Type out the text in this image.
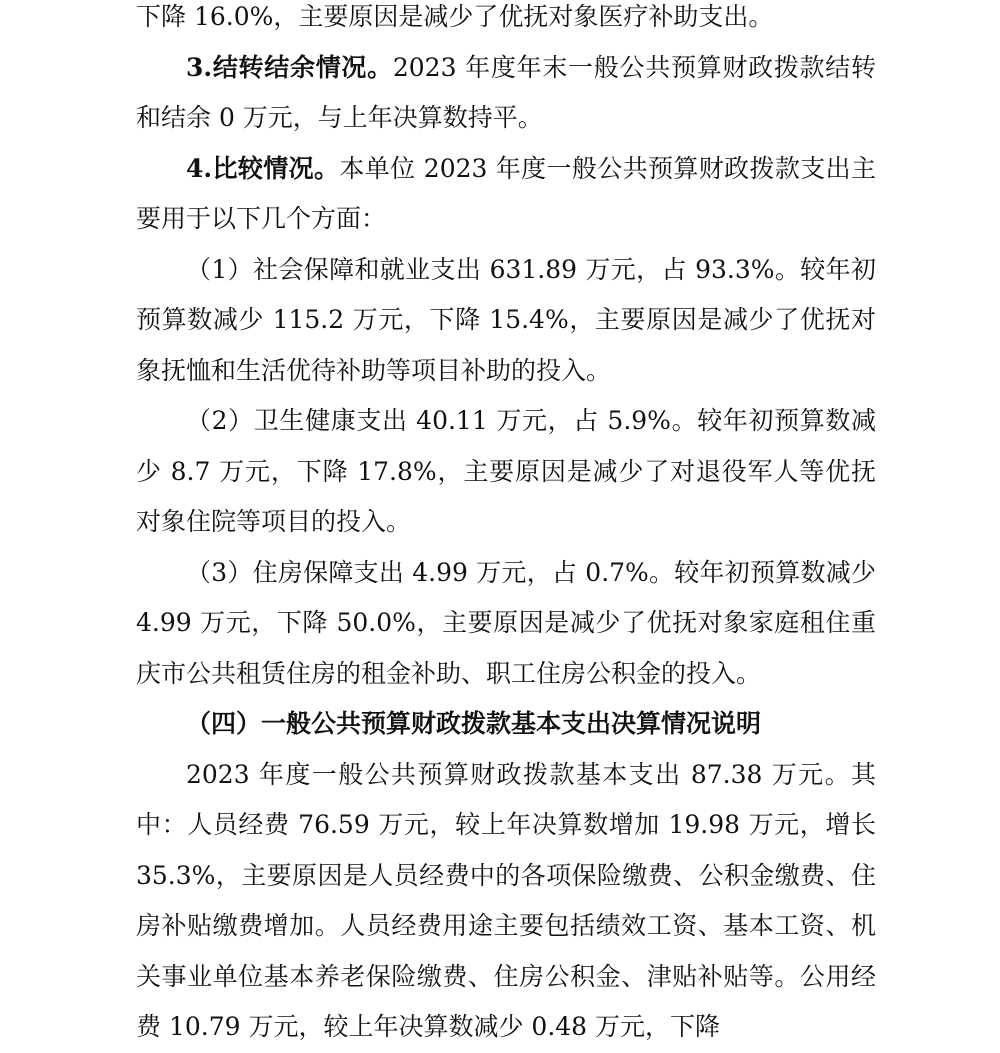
下降 16.0%，主要原因是减少了优抚对象医疗补助支出。

3.结转结余情况。2023 年度年末一般公共预算财政拨款结转和结余 0 万元，与上年决算数持平。

4.比较情况。本单位 2023 年度一般公共预算财政拨款支出主要用于以下几个方面：

（1）社会保障和就业支出 631.89 万元，占 93.3%。较年初预算数减少 115.2 万元，下降 15.4%，主要原因是减少了优抚对象抚恤和生活优待补助等项目补助的投入。

（2）卫生健康支出 40.11 万元，占 5.9%。较年初预算数减少 8.7 万元，下降 17.8%，主要原因是减少了对退役军人等优抚对象住院等项目的投入。

（3）住房保障支出 4.99 万元，占 0.7%。较年初预算数减少 4.99 万元，下降 50.0%，主要原因是减少了优抚对象家庭租住重庆市公共租赁住房的租金补助、职工住房公积金的投入。

（四）一般公共预算财政拨款基本支出决算情况说明

2023 年度一般公共预算财政拨款基本支出 87.38 万元。其中：人员经费 76.59 万元，较上年决算数增加 19.98 万元，增长 35.3%，主要原因是人员经费中的各项保险缴费、公积金缴费、住房补贴缴费增加。人员经费用途主要包括绩效工资、基本工资、机关事业单位基本养老保险缴费、住房公积金、津贴补贴等。公用经费 10.79 万元，较上年决算数减少 0.48 万元，下降
